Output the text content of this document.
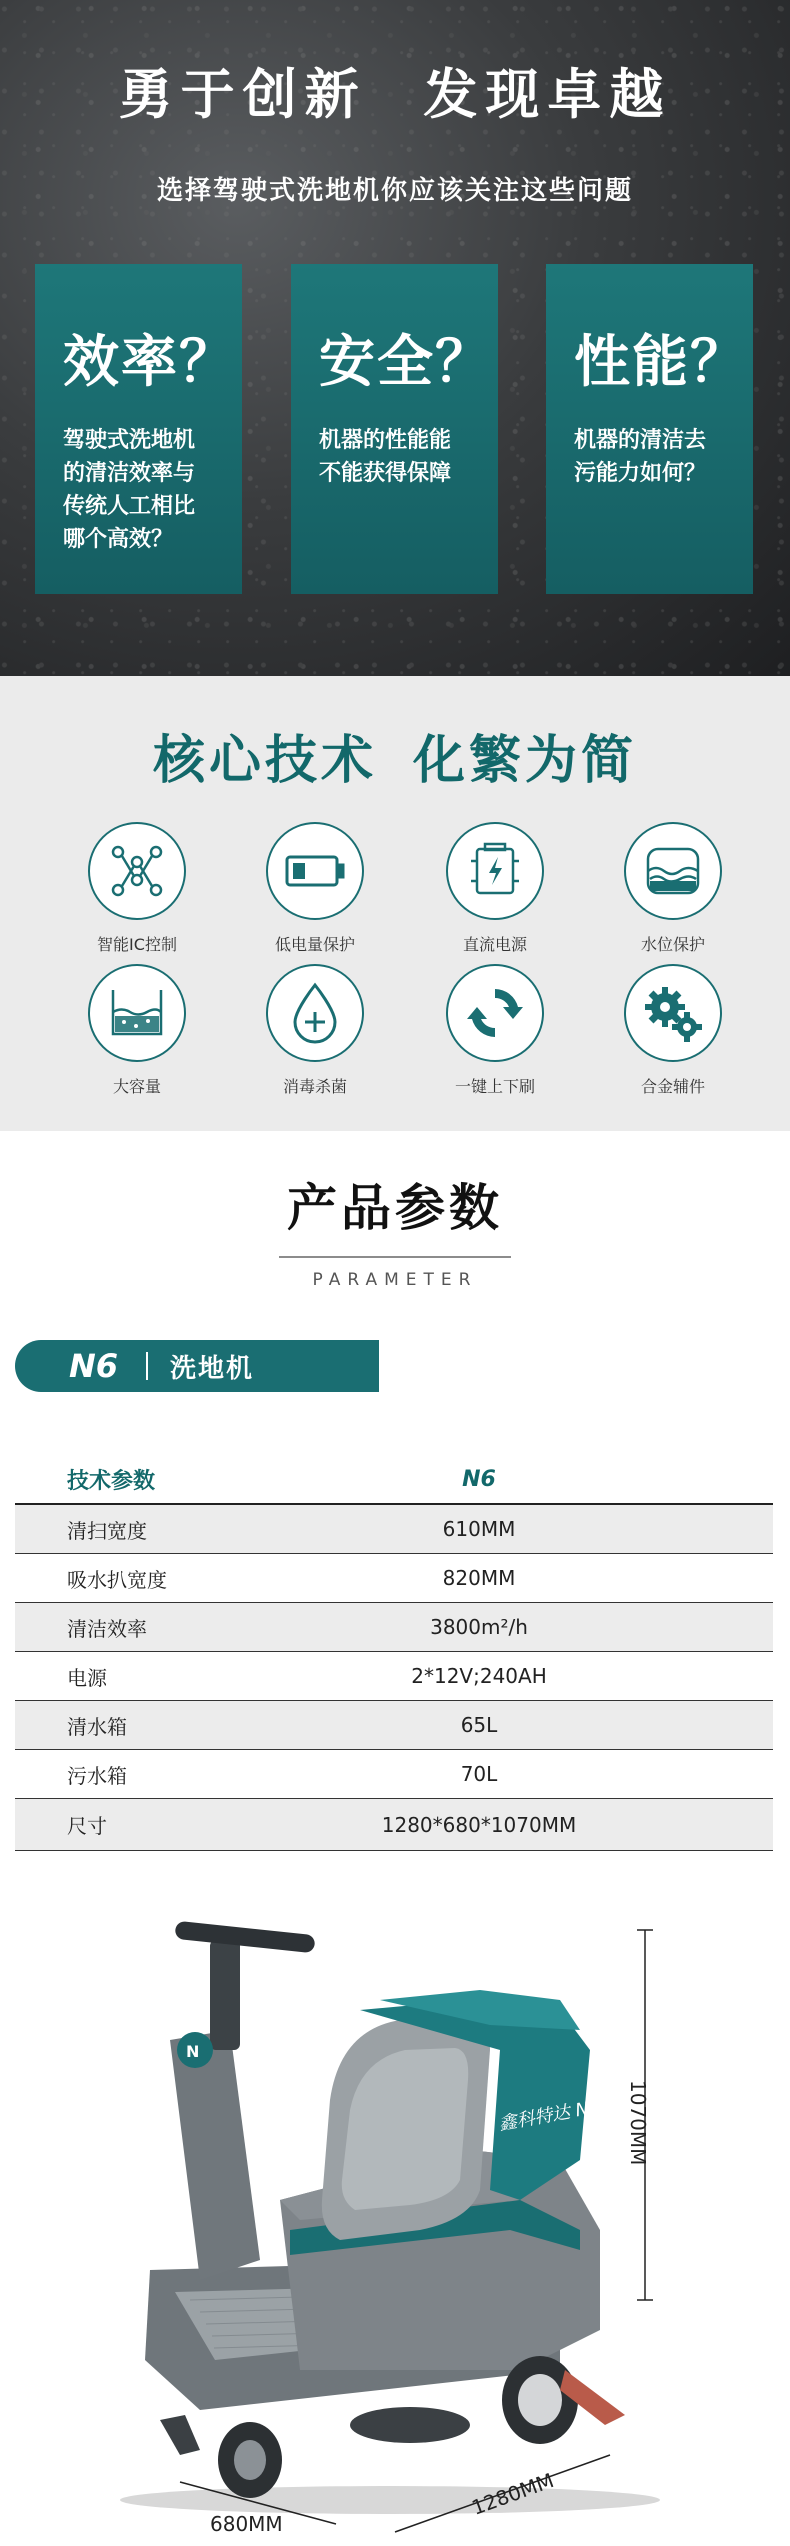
勇于创新 发现卓越
选择驾驶式洗地机你应该关注这些问题
效率？
驾驶式洗地机的清洁效率与传统人工相比哪个高效？
安全？
机器的性能能不能获得保障
性能？
机器的清洁去污能力如何？
核心技术 化繁为简
智能IC控制	低电量保护	直流电源	水位保护
大容量	消毒杀菌	一键上下刷	合金辅件
产品参数
PARAMETER
N6 洗地机
技术参数	N6
清扫宽度	610MM
吸水扒宽度	820MM
清洁效率	3800m²/h
电源	2*12V;240AH
清水箱	65L
污水箱	70L
尺寸	1280*680*1070MM
鑫科特达 N6
N
1070MM
1280MM
680MM
